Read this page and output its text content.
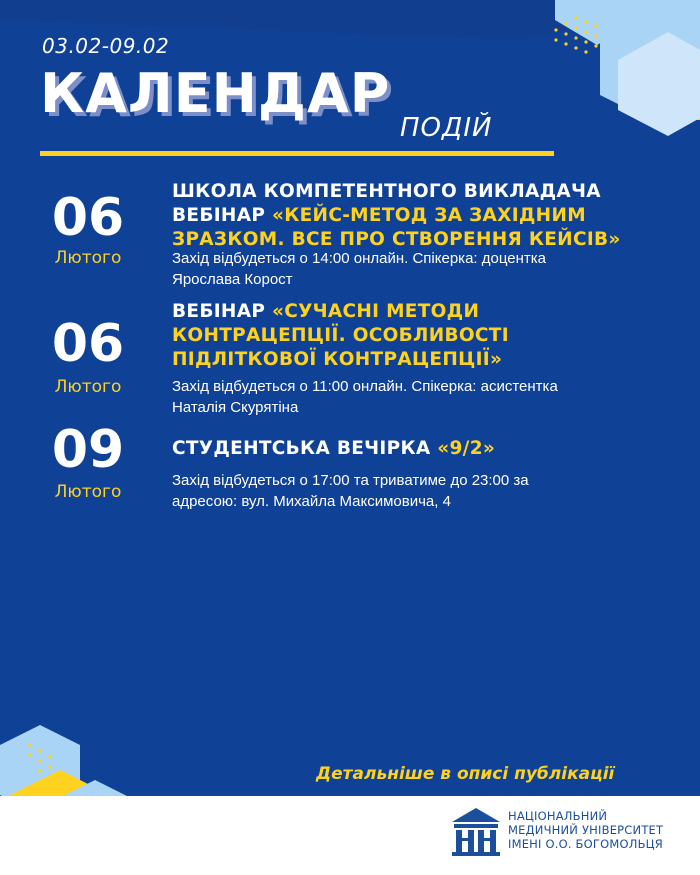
03.02-09.02
КАЛЕНДАР
ПОДІЙ
06
Лютого
ШКОЛА КОМПЕТЕНТНОГО ВИКЛАДАЧА
ВЕБІНАР «КЕЙС-МЕТОД ЗА ЗАХІДНИМ
ЗРАЗКОМ. ВСЕ ПРО СТВОРЕННЯ КЕЙСІВ»
Захід відбудеться о 14:00 онлайн. Спікерка: доцентка
Ярослава Корост
06
Лютого
ВЕБІНАР «СУЧАСНІ МЕТОДИ
КОНТРАЦЕПЦІЇ. ОСОБЛИВОСТІ
ПІДЛІТКОВОЇ КОНТРАЦЕПЦІЇ»
Захід відбудеться о 11:00 онлайн. Спікерка: асистентка
Наталія Скурятіна
09
Лютого
СТУДЕНТСЬКА ВЕЧІРКА «9/2»
Захід відбудеться о 17:00 та триватиме до 23:00 за
адресою: вул. Михайла Максимовича, 4
Детальніше в описі публікації
НАЦІОНАЛЬНИЙ
МЕДИЧНИЙ УНІВЕРСИТЕТ
ІМЕНІ О.О. БОГОМОЛЬЦЯ
